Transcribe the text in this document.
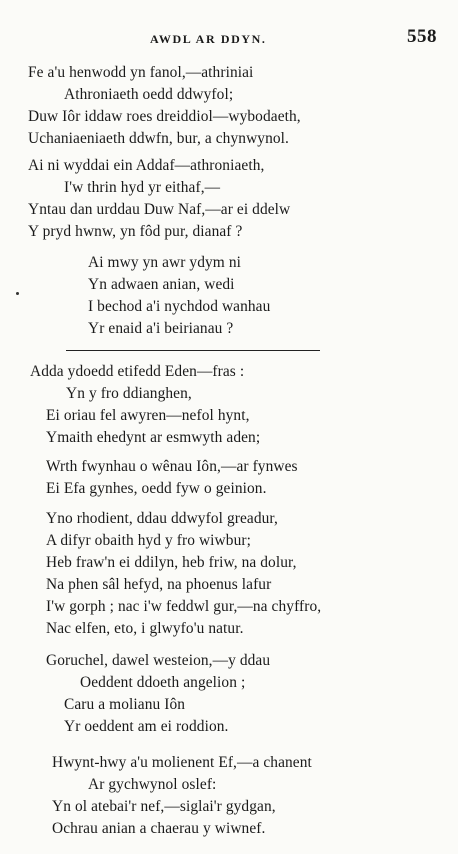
AWDL AR DDYN.	558
Fe a'u henwodd yn fanol,—athriniai
Athroniaeth oedd ddwyfol;
Duw Iôr iddaw roes dreiddiol—wybodaeth,
Uchaniaeniaeth ddwfn, bur, a chynwynol.
Ai ni wyddai ein Addaf—athroniaeth,
I'w thrin hyd yr eithaf,—
Yntau dan urddau Duw Naf,—ar ei ddelw
Y pryd hwnw, yn fôd pur, dianaf ?
Ai mwy yn awr ydym ni
Yn adwaen anian, wedi
I bechod a'i nychdod wanhau
Yr enaid a'i beirianau ?
Adda ydoedd etifedd Eden—fras :
Yn y fro ddianghen,
Ei oriau fel awyren—nefol hynt,
Ymaith ehedynt ar esmwyth aden;
Wrth fwynhau o wênau Iôn,—ar fynwes
Ei Efa gynhes, oedd fyw o geinion.
Yno rhodient, ddau ddwyfol greadur,
A difyr obaith hyd y fro wiwbur;
Heb fraw'n ei ddilyn, heb friw, na dolur,
Na phen sâl hefyd, na phoenus lafur
I'w gorph ; nac i'w feddwl gur,—na chyffro,
Nac elfen, eto, i glwyfo'u natur.
Goruchel, dawel westeion,—y ddau
Oeddent ddoeth angelion ;
Caru a molianu Iôn
Yr oeddent am ei roddion.
Hwynt-hwy a'u molienent Ef,—a chanent
Ar gychwynol oslef:
Yn ol atebai'r nef,—siglai'r gydgan,
Ochrau anian a chaerau y wiwnef.
